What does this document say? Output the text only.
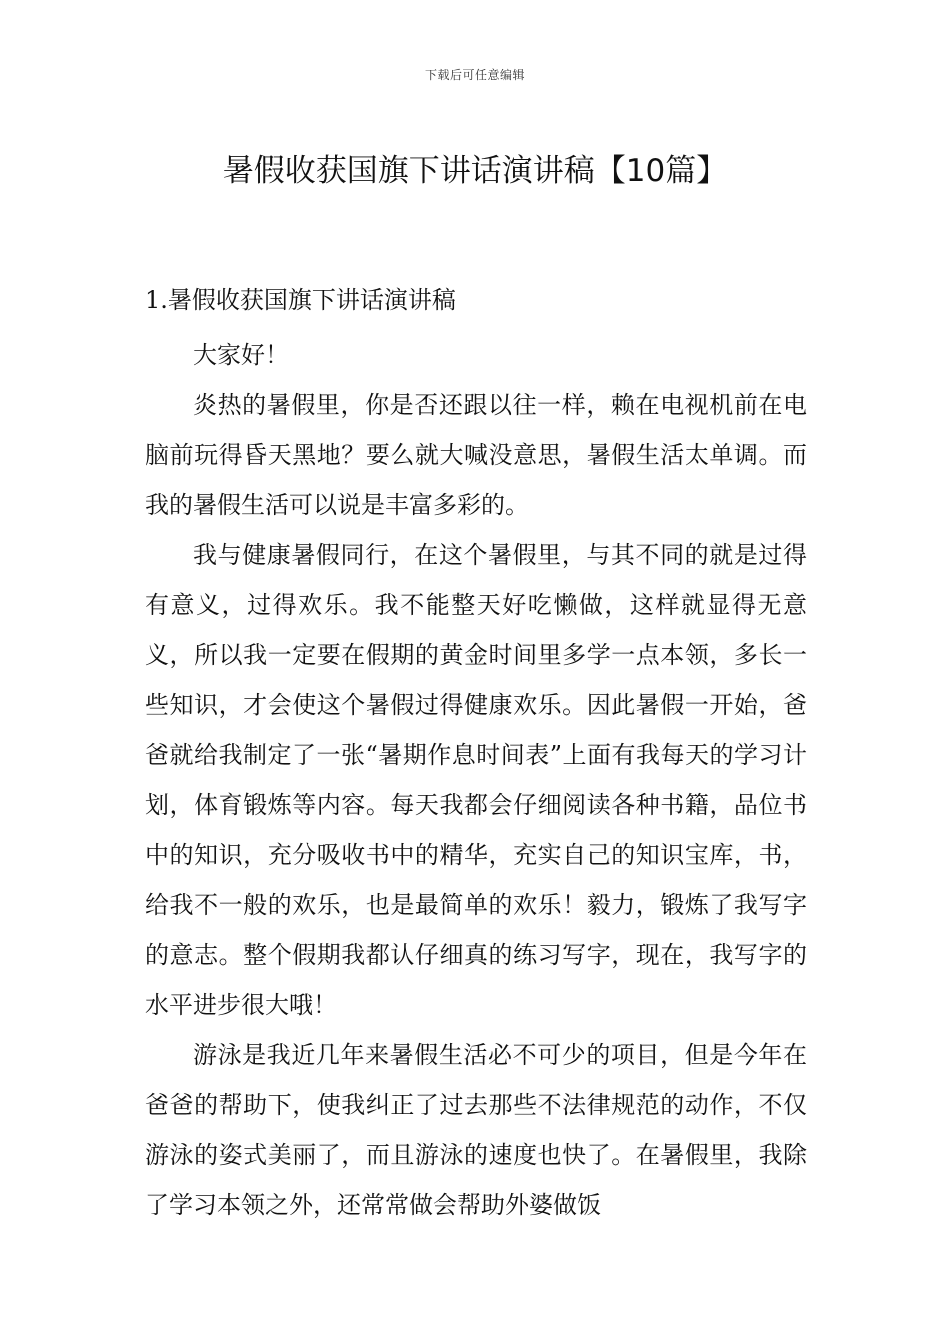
下载后可任意编辑
暑假收获国旗下讲话演讲稿【10篇】
1.暑假收获国旗下讲话演讲稿

大家好！

炎热的暑假里，你是否还跟以往一样，赖在电视机前在电脑前玩得昏天黑地？要么就大喊没意思，暑假生活太单调。而我的暑假生活可以说是丰富多彩的。

我与健康暑假同行，在这个暑假里，与其不同的就是过得有意义，过得欢乐。我不能整天好吃懒做，这样就显得无意义，所以我一定要在假期的黄金时间里多学一点本领，多长一些知识，才会使这个暑假过得健康欢乐。因此暑假一开始，爸爸就给我制定了一张“暑期作息时间表”上面有我每天的学习计划，体育锻炼等内容。每天我都会仔细阅读各种书籍，品位书中的知识，充分吸收书中的精华，充实自己的知识宝库，书，给我不一般的欢乐，也是最简单的欢乐！毅力，锻炼了我写字的意志。整个假期我都认仔细真的练习写字，现在，我写字的水平进步很大哦！

游泳是我近几年来暑假生活必不可少的项目，但是今年在爸爸的帮助下，使我纠正了过去那些不法律规范的动作，不仅游泳的姿式美丽了，而且游泳的速度也快了。在暑假里，我除了学习本领之外，还常常做会帮助外婆做饭
